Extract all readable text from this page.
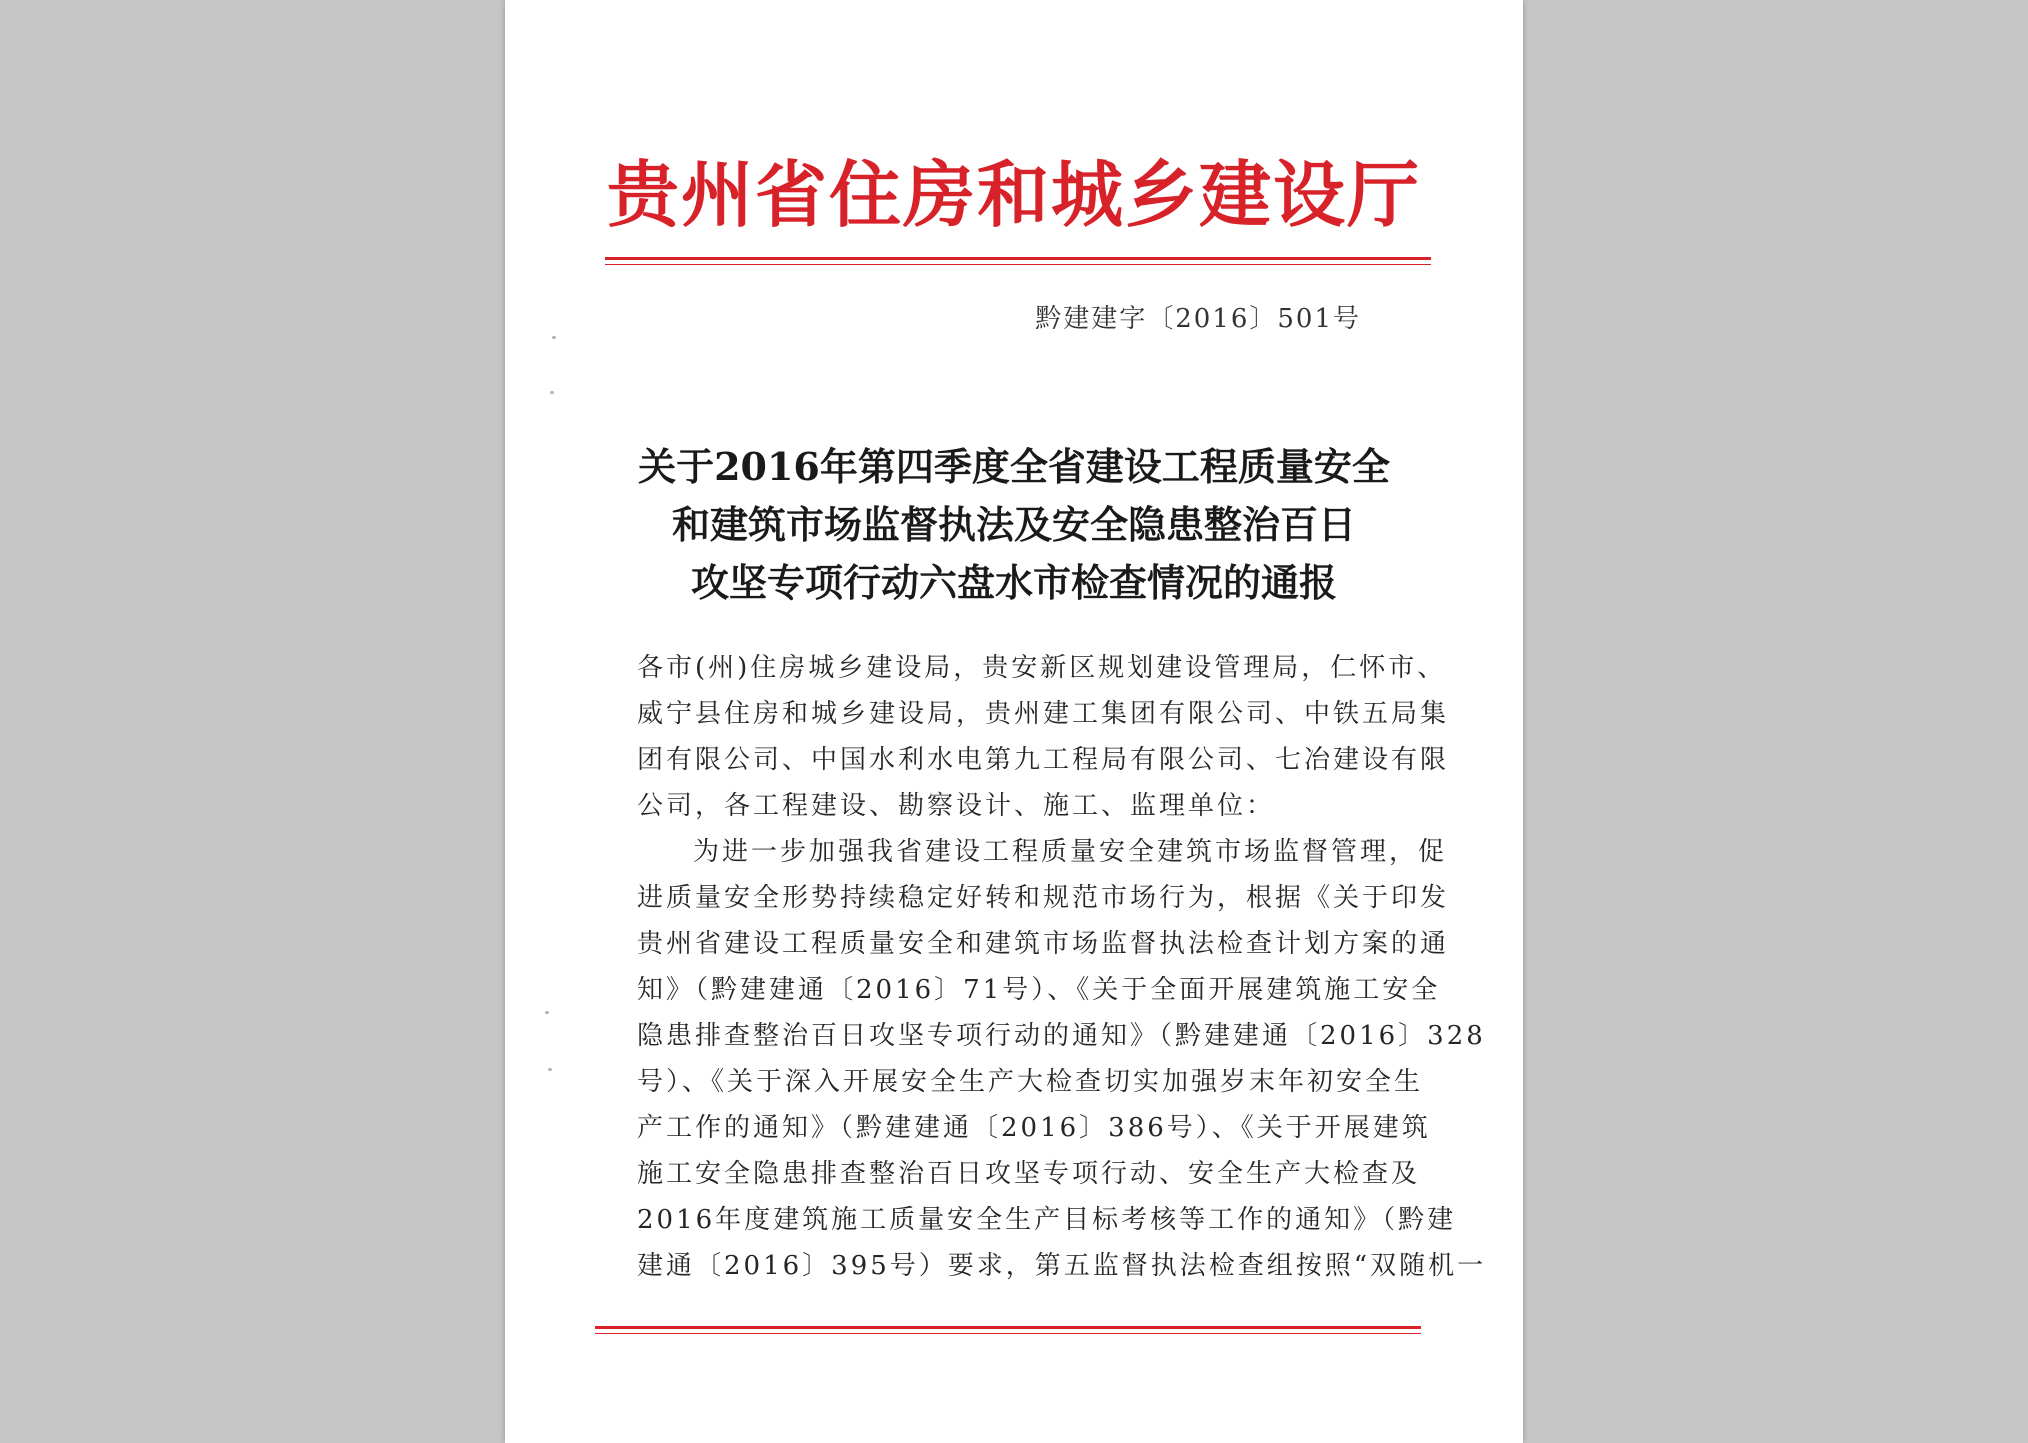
贵州省住房和城乡建设厅
黔建建字〔2016〕501号
关于2016年第四季度全省建设工程质量安全
和建筑市场监督执法及安全隐患整治百日
攻坚专项行动六盘水市检查情况的通报
各市(州)住房城乡建设局，贵安新区规划建设管理局，仁怀市、
威宁县住房和城乡建设局，贵州建工集团有限公司、中铁五局集
团有限公司、中国水利水电第九工程局有限公司、七冶建设有限
公司，各工程建设、勘察设计、施工、监理单位：
为进一步加强我省建设工程质量安全建筑市场监督管理，促
进质量安全形势持续稳定好转和规范市场行为，根据《关于印发
贵州省建设工程质量安全和建筑市场监督执法检查计划方案的通
知》（黔建建通〔2016〕71号）、《关于全面开展建筑施工安全
隐患排查整治百日攻坚专项行动的通知》（黔建建通〔2016〕328
号）、《关于深入开展安全生产大检查切实加强岁末年初安全生
产工作的通知》（黔建建通〔2016〕386号）、《关于开展建筑
施工安全隐患排查整治百日攻坚专项行动、安全生产大检查及
2016年度建筑施工质量安全生产目标考核等工作的通知》（黔建
建通〔2016〕395号）要求，第五监督执法检查组按照“双随机一
